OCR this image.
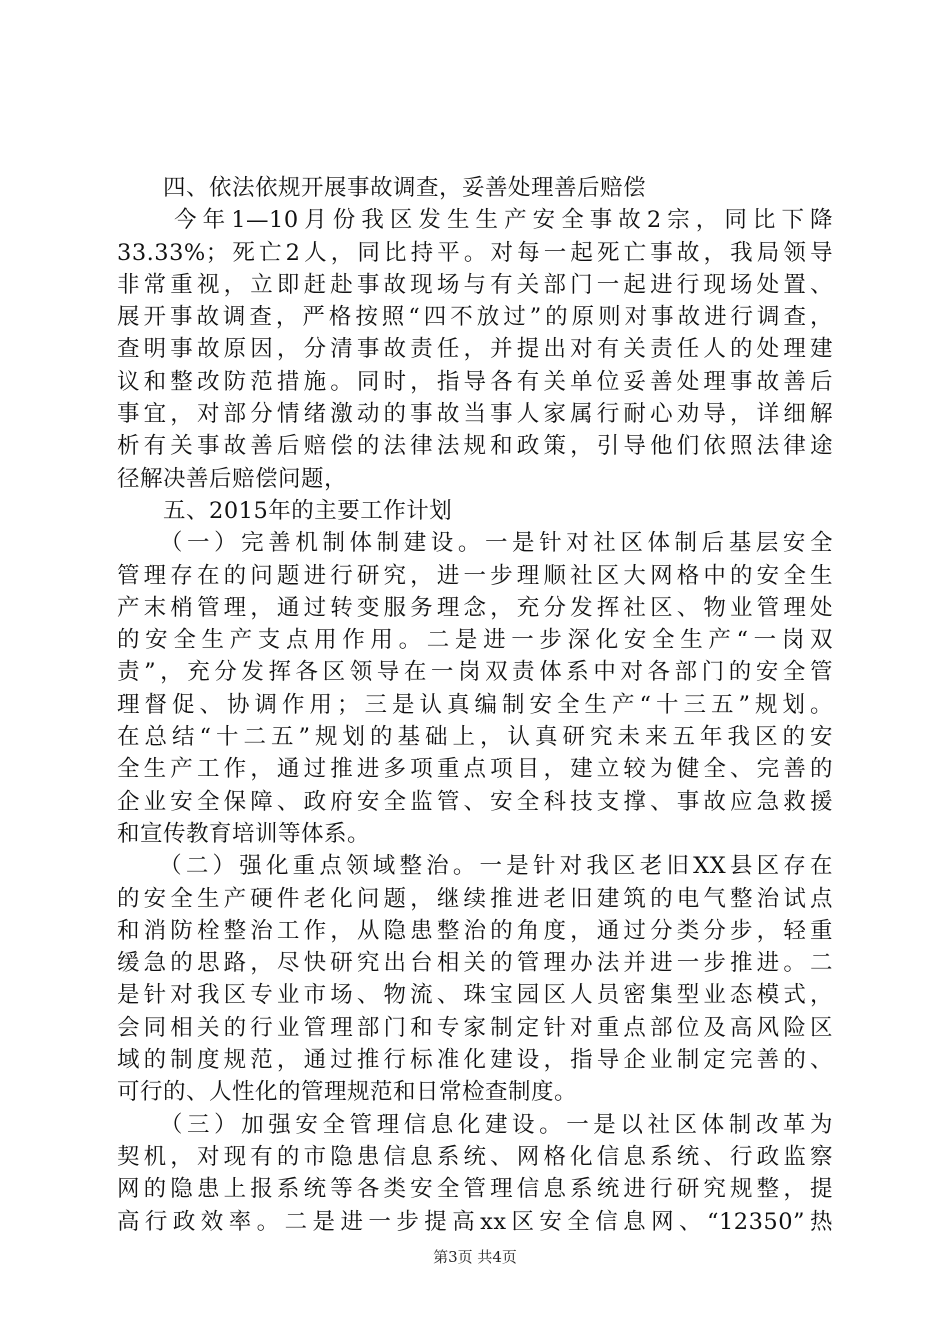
　　四、依法依规开展事故调查，妥善处理善后赔偿
　　今年1—10月份我区发生生产安全事故2宗，同比下降
33.33%；死亡2人，同比持平。对每一起死亡事故，我局领导
非常重视，立即赶赴事故现场与有关部门一起进行现场处置、
展开事故调查，严格按照“四不放过”的原则对事故进行调查，
查明事故原因，分清事故责任，并提出对有关责任人的处理建
议和整改防范措施。同时，指导各有关单位妥善处理事故善后
事宜，对部分情绪激动的事故当事人家属行耐心劝导，详细解
析有关事故善后赔偿的法律法规和政策，引导他们依照法律途
径解决善后赔偿问题，
　　五、2015年的主要工作计划
　　（一）完善机制体制建设。一是针对社区体制后基层安全
管理存在的问题进行研究，进一步理顺社区大网格中的安全生
产末梢管理，通过转变服务理念，充分发挥社区、物业管理处
的安全生产支点用作用。二是进一步深化安全生产“一岗双
责”，充分发挥各区领导在一岗双责体系中对各部门的安全管
理督促、协调作用；三是认真编制安全生产“十三五”规划。
在总结“十二五”规划的基础上，认真研究未来五年我区的安
全生产工作，通过推进多项重点项目，建立较为健全、完善的
企业安全保障、政府安全监管、安全科技支撑、事故应急救援
和宣传教育培训等体系。
　　（二）强化重点领域整治。一是针对我区老旧XX县区存在
的安全生产硬件老化问题，继续推进老旧建筑的电气整治试点
和消防栓整治工作，从隐患整治的角度，通过分类分步，轻重
缓急的思路，尽快研究出台相关的管理办法并进一步推进。二
是针对我区专业市场、物流、珠宝园区人员密集型业态模式，
会同相关的行业管理部门和专家制定针对重点部位及高风险区
域的制度规范，通过推行标准化建设，指导企业制定完善的、
可行的、人性化的管理规范和日常检查制度。
　　（三）加强安全管理信息化建设。一是以社区体制改革为
契机，对现有的市隐患信息系统、网格化信息系统、行政监察
网的隐患上报系统等各类安全管理信息系统进行研究规整，提
高行政效率。二是进一步提高xx区安全信息网、“12350”热
第3页 共4页
